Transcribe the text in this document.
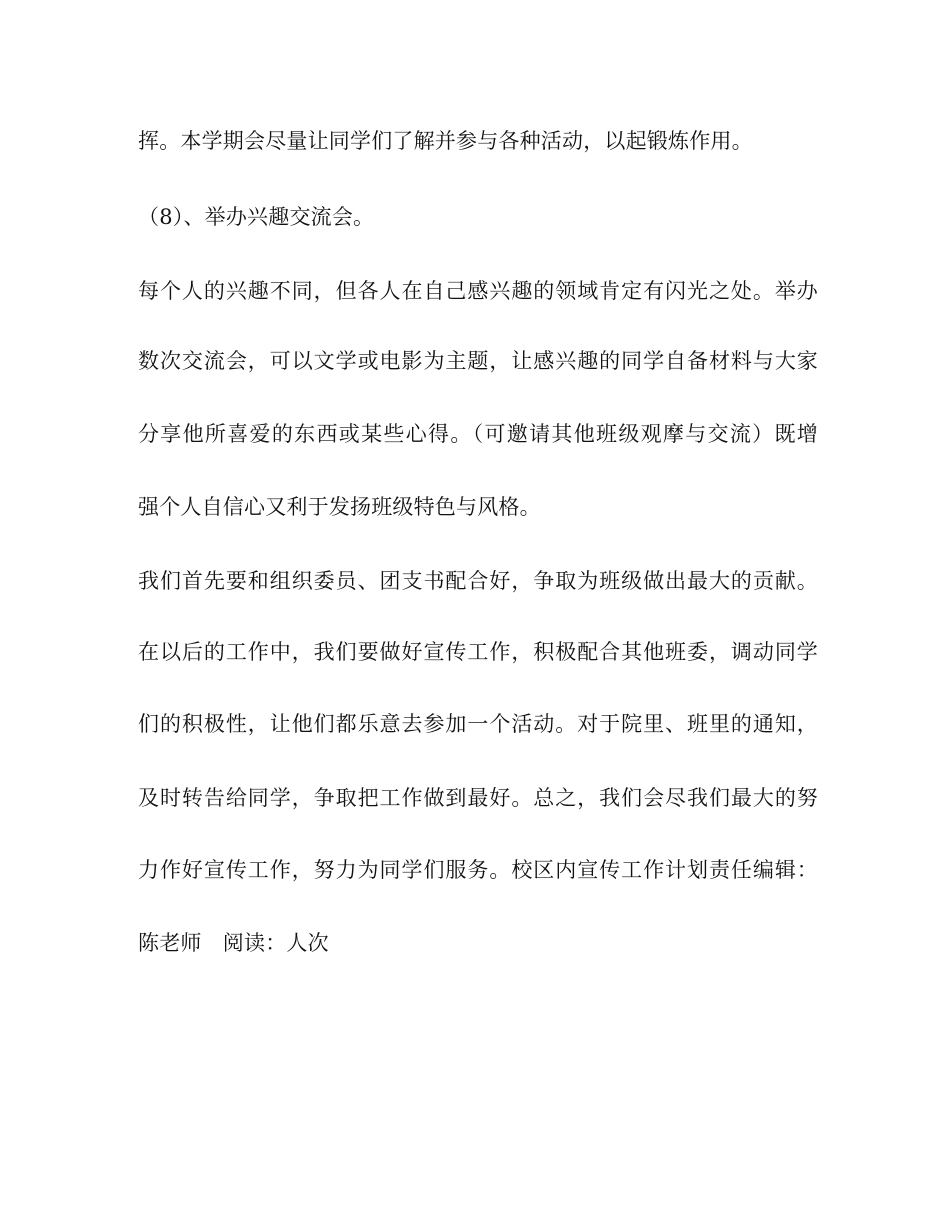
挥。本学期会尽量让同学们了解并参与各种活动，以起锻炼作用。

（8）、举办兴趣交流会。

每个人的兴趣不同，但各人在自己感兴趣的领域肯定有闪光之处。举办

数次交流会，可以文学或电影为主题，让感兴趣的同学自备材料与大家

分享他所喜爱的东西或某些心得。（可邀请其他班级观摩与交流）既增

强个人自信心又利于发扬班级特色与风格。

我们首先要和组织委员、团支书配合好，争取为班级做出最大的贡献。

在以后的工作中，我们要做好宣传工作，积极配合其他班委，调动同学

们的积极性，让他们都乐意去参加一个活动。对于院里、班里的通知，

及时转告给同学，争取把工作做到最好。总之，我们会尽我们最大的努

力作好宣传工作，努力为同学们服务。校区内宣传工作计划责任编辑：

陈老师　阅读：人次
